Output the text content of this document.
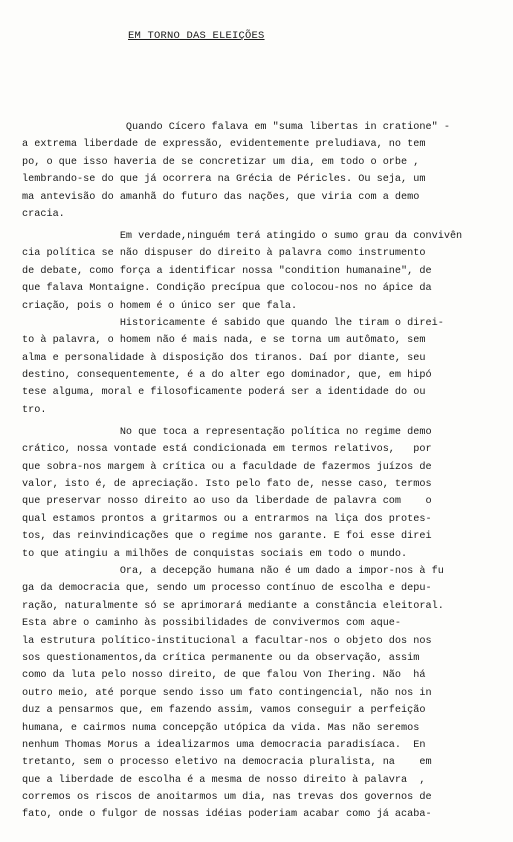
EM TORNO DAS ELEIÇÕES
Quando Cícero falava em "suma libertas in cratione" -
a extrema liberdade de expressão, evidentemente preludiava, no tem
po, o que isso haveria de se concretizar um dia, em todo o orbe ,
lembrando-se do que já ocorrera na Grécia de Péricles. Ou seja, um
ma antevisão do amanhã do futuro das nações, que viria com a demo
cracia.
Em verdade,ninguém terá atingido o sumo grau da convivên
cia política se não dispuser do direito à palavra como instrumento
de debate, como força a identificar nossa "condition humanaine", de
que falava Montaigne. Condição precípua que colocou-nos no ápice da
criação, pois o homem é o único ser que fala.
Historicamente é sabido que quando lhe tiram o direi-
to à palavra, o homem não é mais nada, e se torna um autômato, sem
alma e personalidade à disposição dos tiranos. Daí por diante, seu
destino, consequentemente, é a do alter ego dominador, que, em hipó
tese alguma, moral e filosoficamente poderá ser a identidade do ou
tro.
No que toca a representação política no regime demo
crático, nossa vontade está condicionada em termos relativos,   por
que sobra-nos margem à crítica ou a faculdade de fazermos juízos de
valor, isto é, de apreciação. Isto pelo fato de, nesse caso, termos
que preservar nosso direito ao uso da liberdade de palavra com    o
qual estamos prontos a gritarmos ou a entrarmos na liça dos protes-
tos, das reinvindicações que o regime nos garante. E foi esse direi
to que atingiu a milhões de conquistas sociais em todo o mundo.
Ora, a decepção humana não é um dado a impor-nos à fu
ga da democracia que, sendo um processo contínuo de escolha e depu-
ração, naturalmente só se aprimorará mediante a constância eleitoral.
Esta abre o caminho às possibilidades de convivermos com aque-
la estrutura político-institucional a facultar-nos o objeto dos nos
sos questionamentos,da crítica permanente ou da observação, assim
como da luta pelo nosso direito, de que falou Von Ihering. Não  há
outro meio, até porque sendo isso um fato contingencial, não nos in
duz a pensarmos que, em fazendo assim, vamos conseguir a perfeição
humana, e cairmos numa concepção utópica da vida. Mas não seremos
nenhum Thomas Morus a idealizarmos uma democracia paradisíaca.  En
tretanto, sem o processo eletivo na democracia pluralista, na    em
que a liberdade de escolha é a mesma de nosso direito à palavra  ,
corremos os riscos de anoitarmos um dia, nas trevas dos governos de
fato, onde o fulgor de nossas idéias poderiam acabar como já acaba-
